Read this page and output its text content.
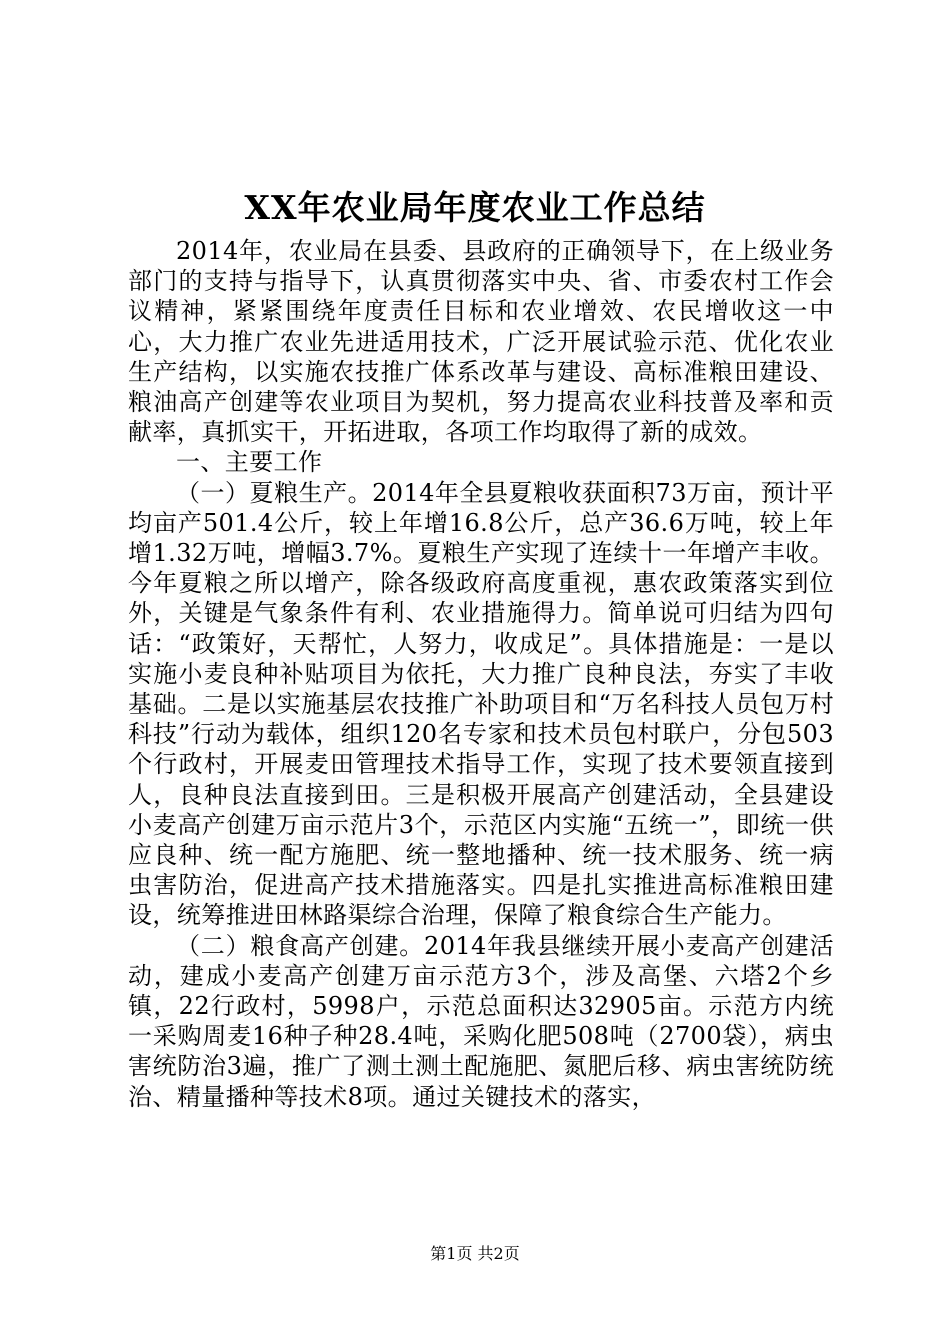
XX年农业局年度农业工作总结

2014年，农业局在县委、县政府的正确领导下，在上级业务部门的支持与指导下，认真贯彻落实中央、省、市委农村工作会议精神，紧紧围绕年度责任目标和农业增效、农民增收这一中心，大力推广农业先进适用技术，广泛开展试验示范、优化农业生产结构，以实施农技推广体系改革与建设、高标准粮田建设、粮油高产创建等农业项目为契机，努力提高农业科技普及率和贡献率，真抓实干，开拓进取，各项工作均取得了新的成效。

一、主要工作

（一）夏粮生产。2014年全县夏粮收获面积73万亩，预计平均亩产501.4公斤，较上年增16.8公斤，总产36.6万吨，较上年增1.32万吨，增幅3.7%。夏粮生产实现了连续十一年增产丰收。今年夏粮之所以增产，除各级政府高度重视，惠农政策落实到位外，关键是气象条件有利、农业措施得力。简单说可归结为四句话：“政策好，天帮忙，人努力，收成足”。具体措施是：一是以实施小麦良种补贴项目为依托，大力推广良种良法，夯实了丰收基础。二是以实施基层农技推广补助项目和“万名科技人员包万村科技”行动为载体，组织120名专家和技术员包村联户，分包503个行政村，开展麦田管理技术指导工作，实现了技术要领直接到人，良种良法直接到田。三是积极开展高产创建活动，全县建设小麦高产创建万亩示范片3个，示范区内实施“五统一”，即统一供应良种、统一配方施肥、统一整地播种、统一技术服务、统一病虫害防治，促进高产技术措施落实。四是扎实推进高标准粮田建设，统筹推进田林路渠综合治理，保障了粮食综合生产能力。

（二）粮食高产创建。2014年我县继续开展小麦高产创建活动，建成小麦高产创建万亩示范方3个，涉及高堡、六塔2个乡镇，22行政村，5998户，示范总面积达32905亩。示范方内统一采购周麦16种子种28.4吨，采购化肥508吨（2700袋），病虫害统防治3遍，推广了测土测土配施肥、氮肥后移、病虫害统防统治、精量播种等技术8项。通过关键技术的落实，

第1页 共2页
